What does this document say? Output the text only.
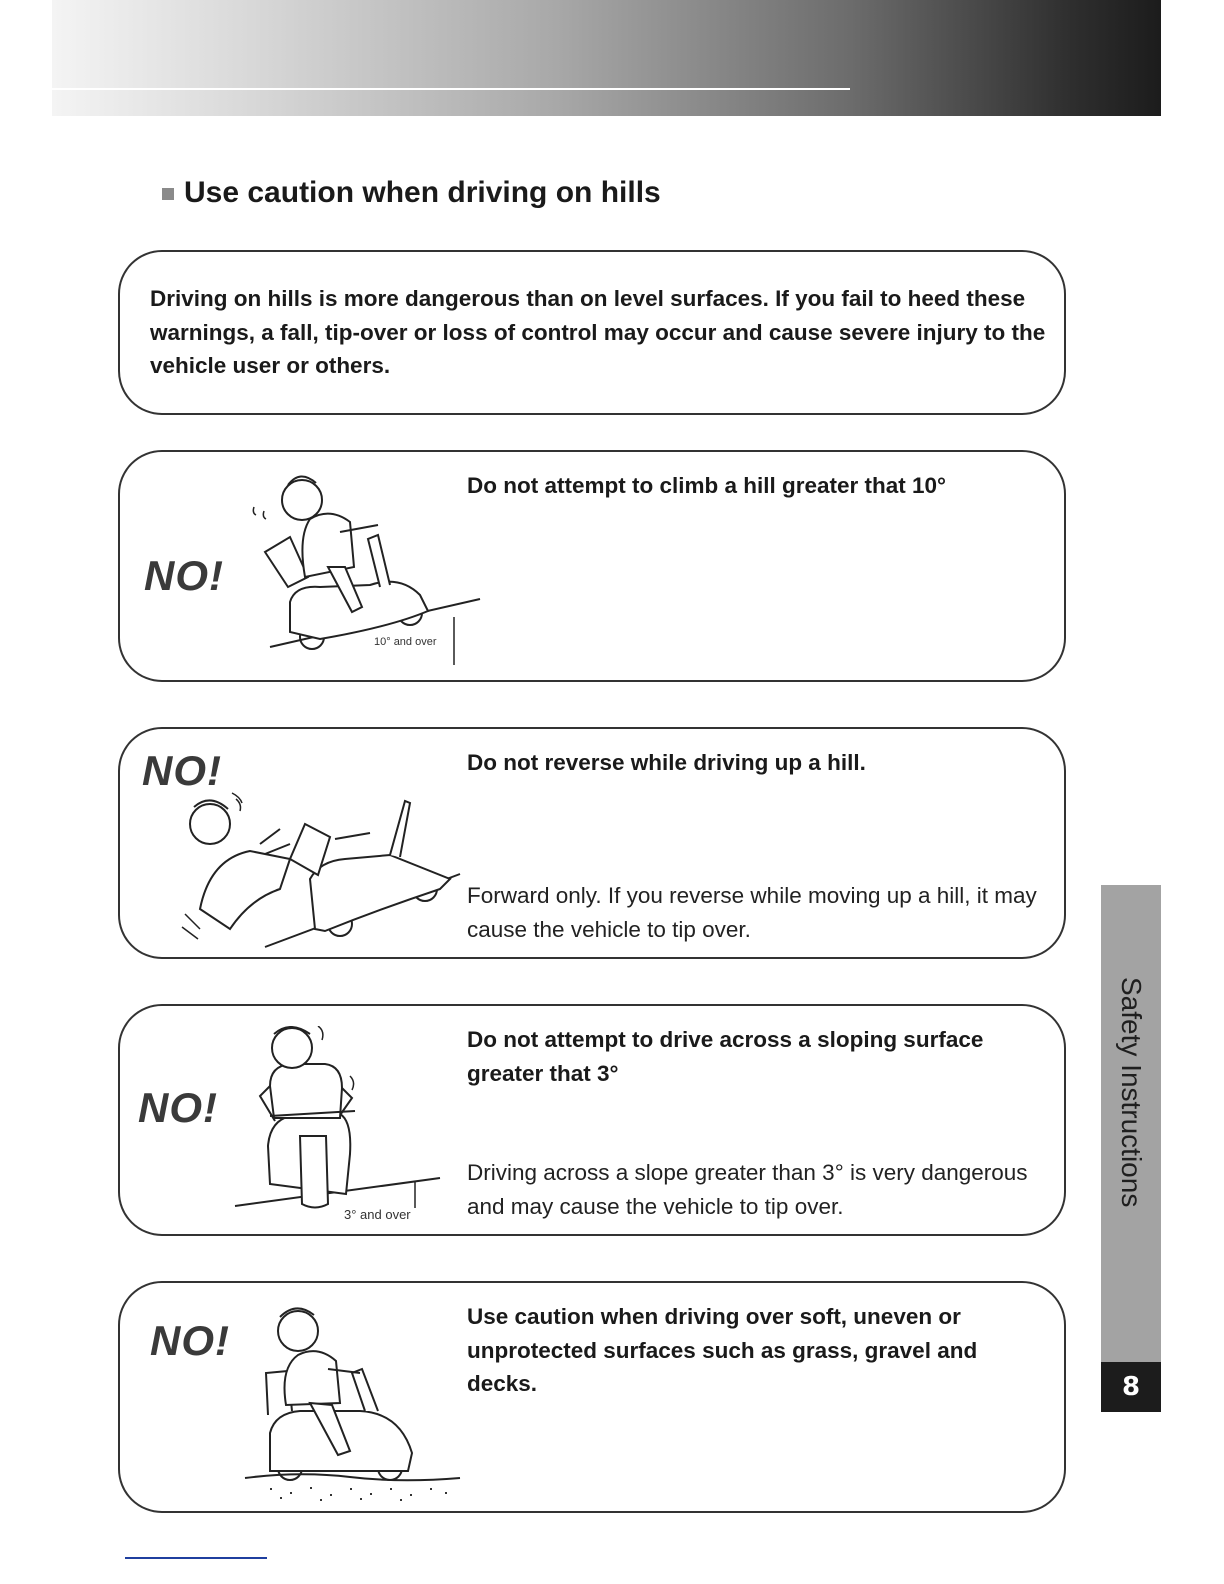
Use caution when driving on hills
Driving on hills is more dangerous than on level surfaces. If you fail to heed these warnings, a fall, tip-over or loss of control may occur and cause severe injury to the vehicle user or others.
NO!
10° and over
Do not attempt to climb a hill greater that 10°
NO!	Do not reverse while driving up a hill.
Forward only. If you reverse while moving up a hill, it may cause the vehicle to tip over.
NO!
3° and over
Do not attempt to drive across a sloping surface greater that 3°
Driving across a slope greater than 3° is very dangerous and may cause the vehicle to tip over.
NO!
Use caution when driving over soft, uneven or unprotected surfaces such as grass, gravel and decks.
Safety Instructions
8
